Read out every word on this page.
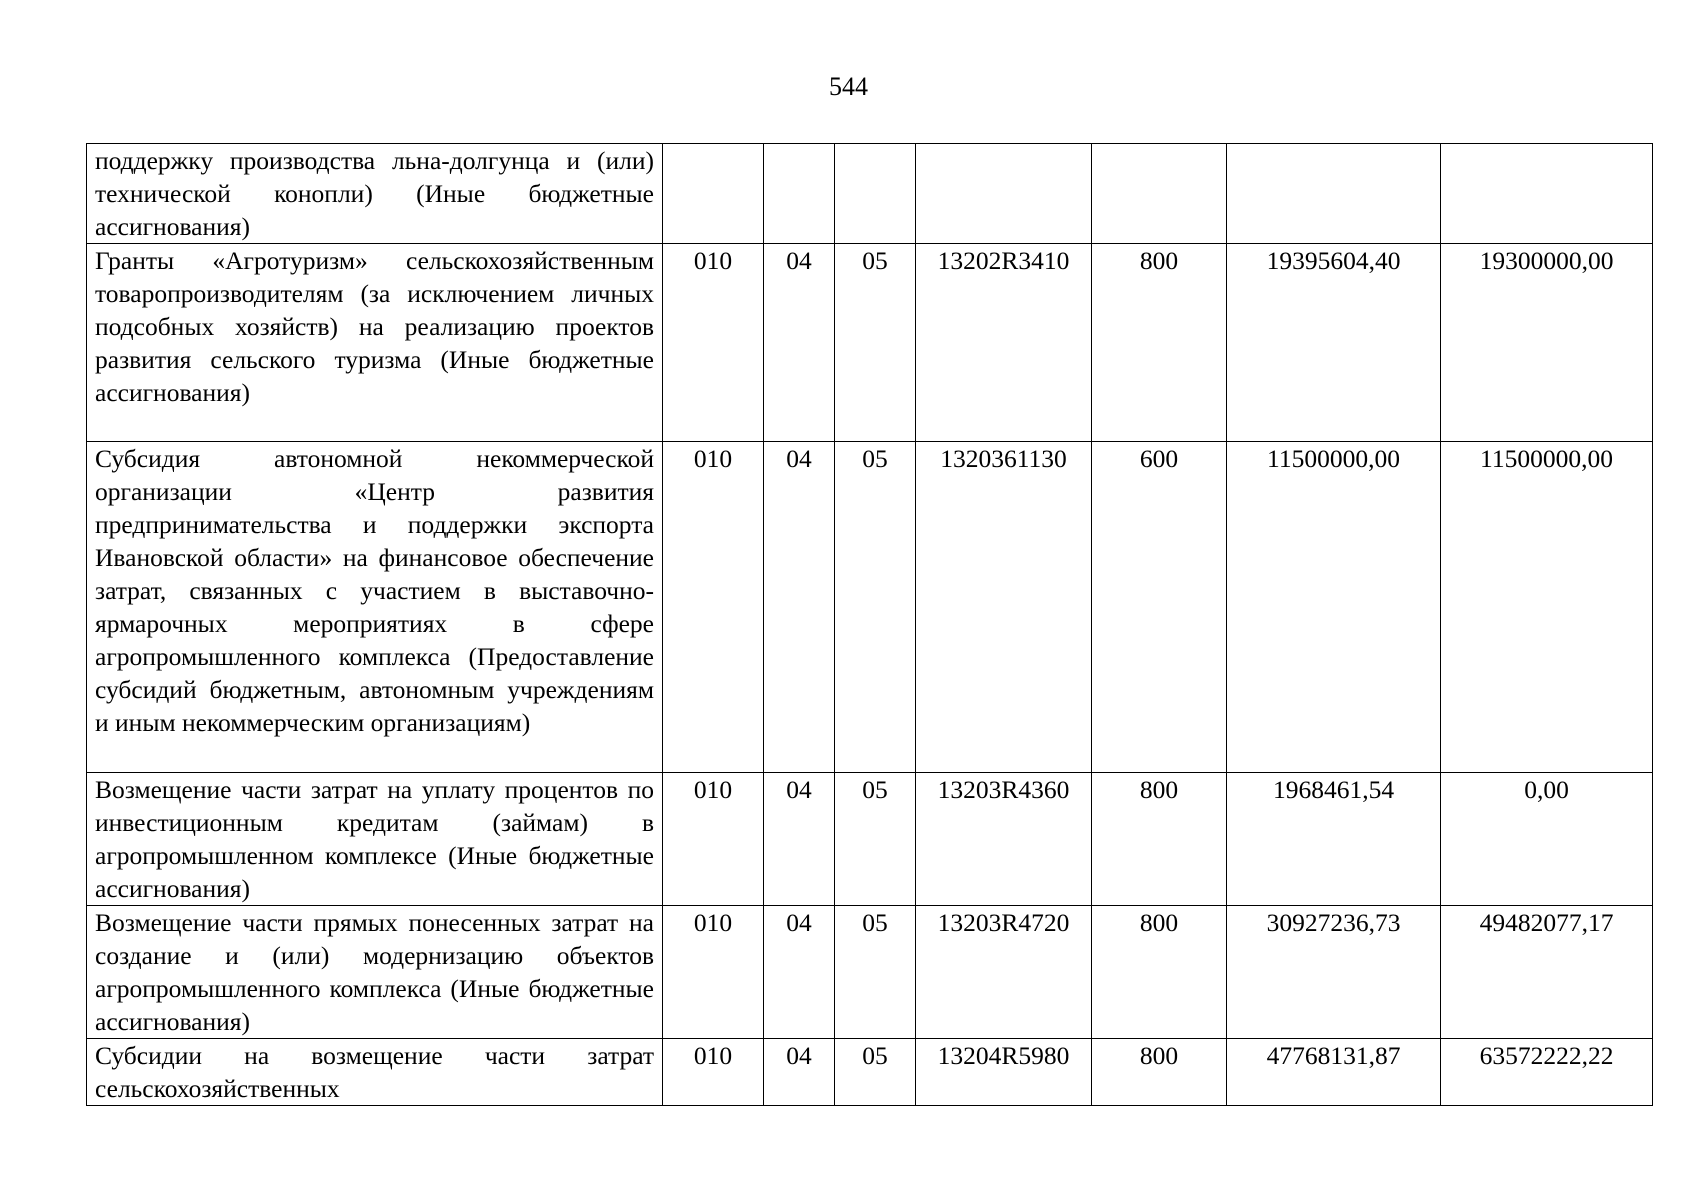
544
поддержку производства льна-долгунца и (или) технической конопли) (Иные бюджетные ассигнования)							
Гранты «Агротуризм» сельскохозяйственным товаропроизводителям (за исключением личных подсобных хозяйств) на реализацию проектов развития сельского туризма (Иные бюджетные ассигнования)	010	04	05	13202R3410	800	19395604,40	19300000,00
Субсидия автономной некоммерческой организации «Центр развития предпринимательства и поддержки экспорта Ивановской области» на финансовое обеспечение затрат, связанных с участием в выставочно-ярмарочных мероприятиях в сфере агропромышленного комплекса (Предоставление субсидий бюджетным, автономным учреждениям и иным некоммерческим организациям)	010	04	05	1320361130	600	11500000,00	11500000,00
Возмещение части затрат на уплату процентов по инвестиционным кредитам (займам) в агропромышленном комплексе (Иные бюджетные ассигнования)	010	04	05	13203R4360	800	1968461,54	0,00
Возмещение части прямых понесенных затрат на создание и (или) модернизацию объектов агропромышленного комплекса (Иные бюджетные ассигнования)	010	04	05	13203R4720	800	30927236,73	49482077,17
Субсидии на возмещение части затрат сельскохозяйственных	010	04	05	13204R5980	800	47768131,87	63572222,22
